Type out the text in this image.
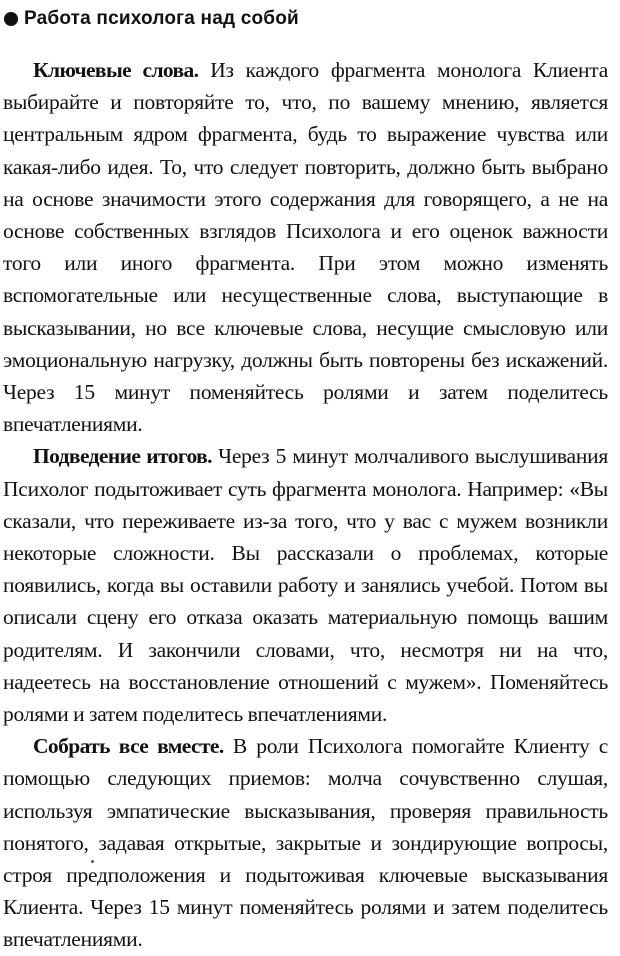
Работа психолога над собой

Ключевые слова. Из каждого фрагмента монолога Клиента выбирайте и повторяйте то, что, по вашему мнению, является центральным ядром фрагмента, будь то выражение чувства или какая-либо идея. То, что следует повторить, должно быть выбрано на основе значимости этого содержания для говорящего, а не на основе собственных взглядов Психолога и его оценок важности того или иного фрагмента. При этом можно изменять вспомогательные или несущественные слова, выступающие в высказывании, но все ключевые слова, несущие смысловую или эмоциональную нагрузку, должны быть повторены без искажений. Через 15 минут поменяйтесь ролями и затем поделитесь впечатлениями.

Подведение итогов. Через 5 минут молчаливого выслушивания Психолог подытоживает суть фрагмента монолога. Например: «Вы сказали, что переживаете из-за того, что у вас с мужем возникли некоторые сложности. Вы рассказали о проблемах, которые появились, когда вы оставили работу и занялись учебой. Потом вы описали сцену его отказа оказать материальную помощь вашим родителям. И закончили словами, что, несмотря ни на что, надеетесь на восстановление отношений с мужем». Поменяйтесь ролями и затем поделитесь впечатлениями.

Собрать все вместе. В роли Психолога помогайте Клиенту с помощью следующих приемов: молча сочувственно слушая, используя эмпатические высказывания, проверяя правильность понятого, задавая открытые, закрытые и зондирующие вопросы, строя предположения и подытоживая ключевые высказывания Клиента. Через 15 минут поменяйтесь ролями и затем поделитесь впечатлениями.
